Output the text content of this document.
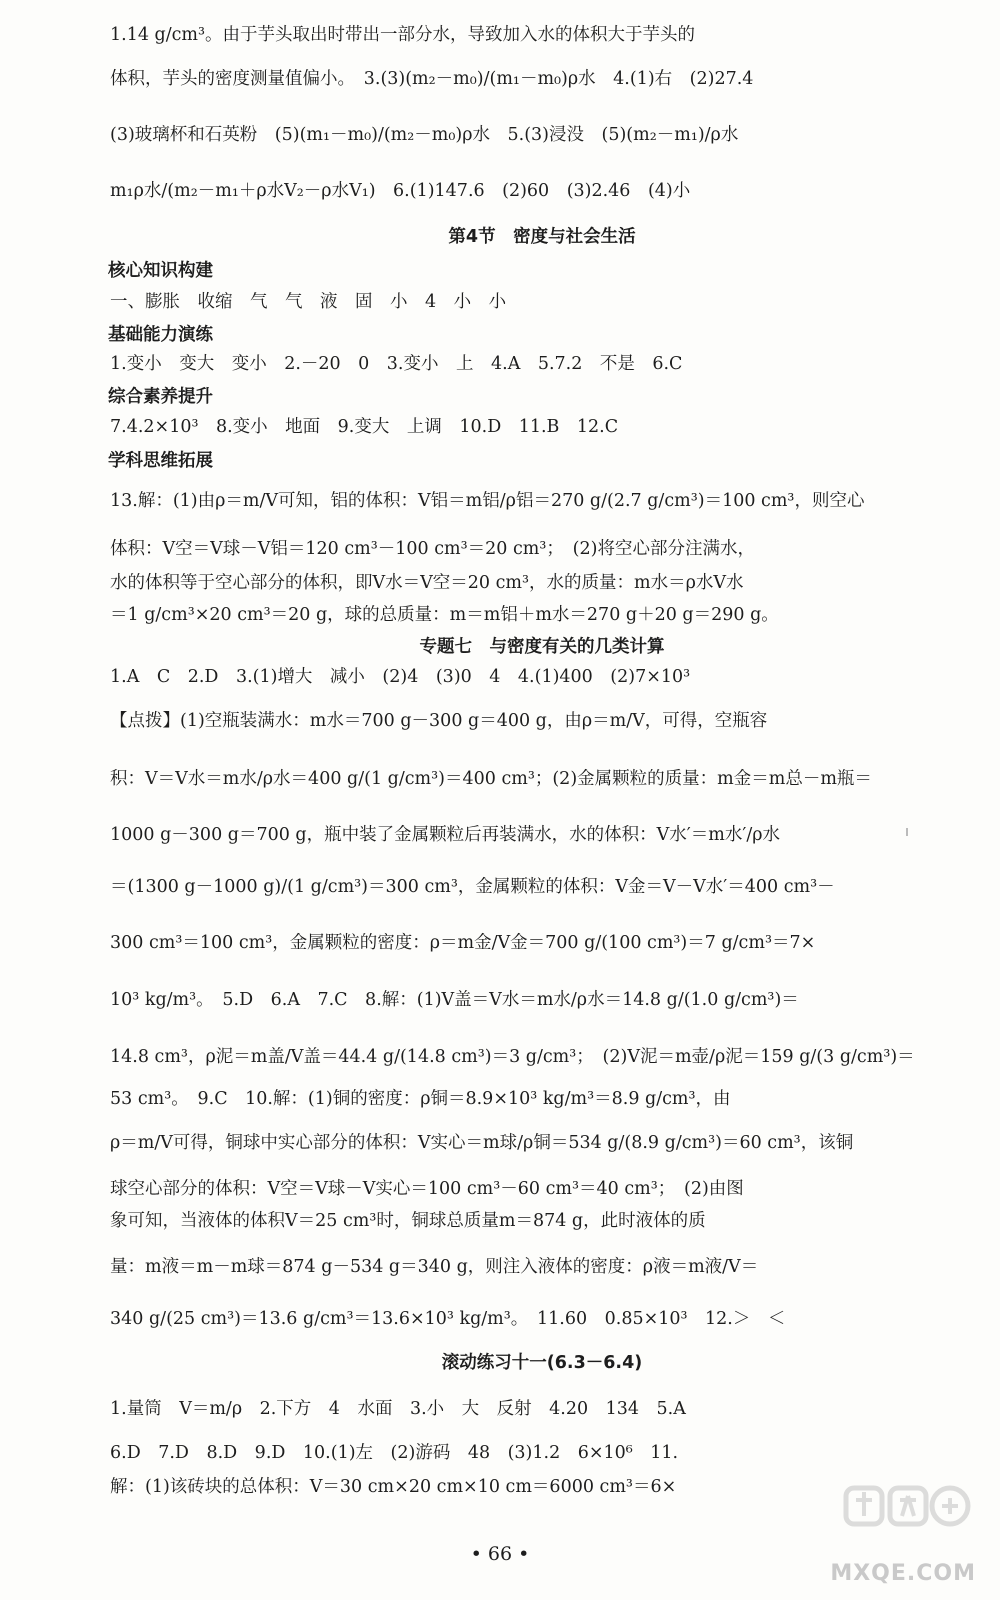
1.14 g/cm³。由于芋头取出时带出一部分水，导致加入水的体积大于芋头的

体积，芋头的密度测量值偏小。　3.(3)(m₂－m₀)/(m₁－m₀)ρ水　4.(1)右　(2)27.4

(3)玻璃杯和石英粉　(5)(m₁－m₀)/(m₂－m₀)ρ水　5.(3)浸没　(5)(m₂－m₁)/ρ水

m₁ρ水/(m₂－m₁＋ρ水V₂－ρ水V₁)　6.(1)147.6　(2)60　(3)2.46　(4)小

第4节　密度与社会生活

核心知识构建

一、膨胀　收缩　气　气　液　固　小　4　小　小

基础能力演练

1.变小　变大　变小　2.－20　0　3.变小　上　4.A　5.7.2　不是　6.C

综合素养提升

7.4.2×10³　8.变小　地面　9.变大　上调　10.D　11.B　12.C

学科思维拓展

13.解：(1)由ρ＝m/V可知，铝的体积：V铝＝m铝/ρ铝＝270 g/(2.7 g/cm³)＝100 cm³，则空心

体积：V空＝V球－V铝＝120 cm³－100 cm³＝20 cm³；　(2)将空心部分注满水，

水的体积等于空心部分的体积，即V水＝V空＝20 cm³，水的质量：m水＝ρ水V水

＝1 g/cm³×20 cm³＝20 g，球的总质量：m＝m铝＋m水＝270 g＋20 g＝290 g。

专题七　与密度有关的几类计算

1.A　C　2.D　3.(1)增大　减小　(2)4　(3)0　4　4.(1)400　(2)7×10³

【点拨】(1)空瓶装满水：m水＝700 g－300 g＝400 g，由ρ＝m/V，可得，空瓶容

积：V＝V水＝m水/ρ水＝400 g/(1 g/cm³)＝400 cm³；(2)金属颗粒的质量：m金＝m总－m瓶＝

1000 g－300 g＝700 g，瓶中装了金属颗粒后再装满水，水的体积：V水′＝m水′/ρ水

＝(1300 g－1000 g)/(1 g/cm³)＝300 cm³，金属颗粒的体积：V金＝V－V水′＝400 cm³－

300 cm³＝100 cm³，金属颗粒的密度：ρ＝m金/V金＝700 g/(100 cm³)＝7 g/cm³＝7×

10³ kg/m³。　5.D　6.A　7.C　8.解：(1)V盖＝V水＝m水/ρ水＝14.8 g/(1.0 g/cm³)＝

14.8 cm³，ρ泥＝m盖/V盖＝44.4 g/(14.8 cm³)＝3 g/cm³；　(2)V泥＝m壶/ρ泥＝159 g/(3 g/cm³)＝

53 cm³。　9.C　10.解：(1)铜的密度：ρ铜＝8.9×10³ kg/m³＝8.9 g/cm³，由

ρ＝m/V可得，铜球中实心部分的体积：V实心＝m球/ρ铜＝534 g/(8.9 g/cm³)＝60 cm³，该铜

球空心部分的体积：V空＝V球－V实心＝100 cm³－60 cm³＝40 cm³；　(2)由图

象可知，当液体的体积V＝25 cm³时，铜球总质量m＝874 g，此时液体的质

量：m液＝m－m球＝874 g－534 g＝340 g，则注入液体的密度：ρ液＝m液/V＝

340 g/(25 cm³)＝13.6 g/cm³＝13.6×10³ kg/m³。　11.60　0.85×10³　12.＞　＜

滚动练习十一(6.3－6.4)

1.量筒　V＝m/ρ　2.下方　4　水面　3.小　大　反射　4.20　134　5.A

6.D　7.D　8.D　9.D　10.(1)左　(2)游码　48　(3)1.2　6×10⁶　11.

解：(1)该砖块的总体积：V＝30 cm×20 cm×10 cm＝6000 cm³＝6×

• 66 •
MXQE.COM
